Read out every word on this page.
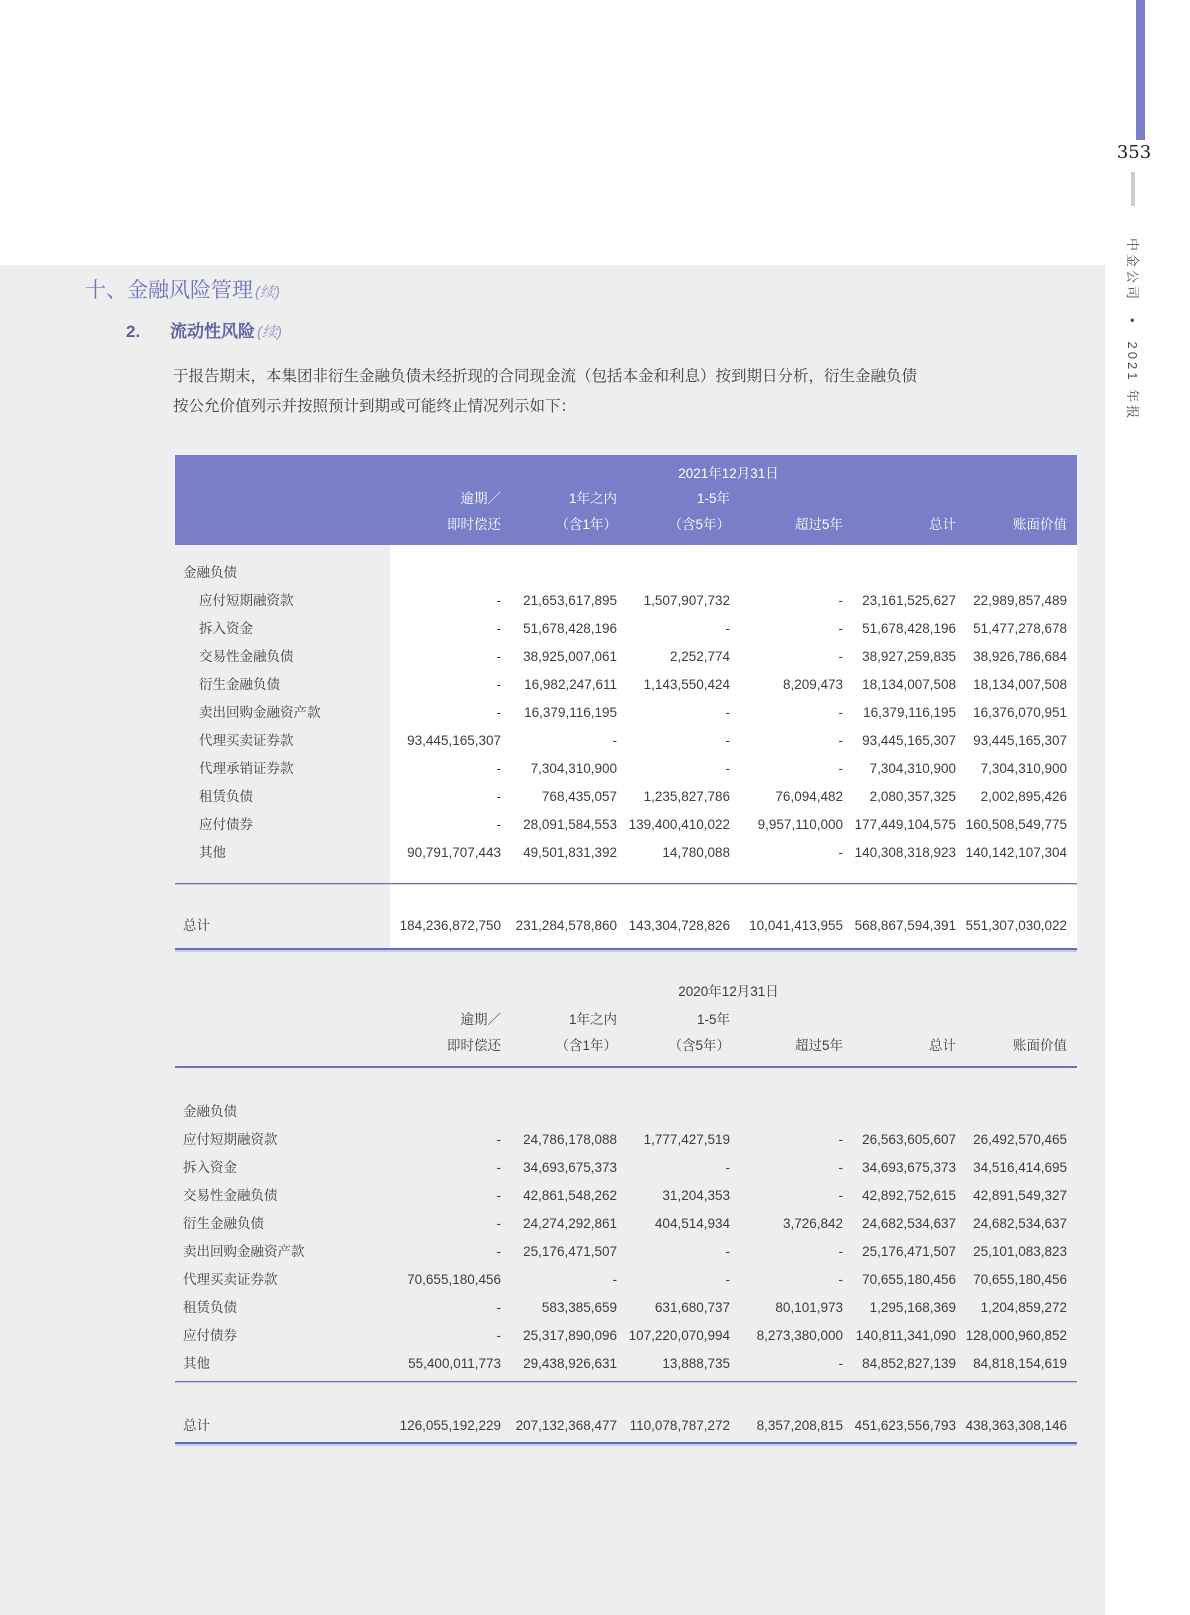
353
中金公司　•　2021 年报
十、金融风险管理 (续)
2. 流动性风险 (续)
于报告期末，本集团非衍生金融负债未经折现的合同现金流（包括本金和利息）按到期日分析，衍生金融负债
按公允价值列示并按照预计到期或可能终止情况列示如下：
2021年12月31日
逾期／	1年之内	1-5年
即时偿还	（含1年）	（含5年）	超过5年	总计	账面价值
金融负债
应付短期融资款	-	21,653,617,895	1,507,907,732	-	23,161,525,627	22,989,857,489
拆入资金	-	51,678,428,196	-	-	51,678,428,196	51,477,278,678
交易性金融负债	-	38,925,007,061	2,252,774	-	38,927,259,835	38,926,786,684
衍生金融负债	-	16,982,247,611	1,143,550,424	8,209,473	18,134,007,508	18,134,007,508
卖出回购金融资产款	-	16,379,116,195	-	-	16,379,116,195	16,376,070,951
代理买卖证券款	93,445,165,307	-	-	-	93,445,165,307	93,445,165,307
代理承销证券款	-	7,304,310,900	-	-	7,304,310,900	7,304,310,900
租赁负债	-	768,435,057	1,235,827,786	76,094,482	2,080,357,325	2,002,895,426
应付债券	-	28,091,584,553 139,400,410,022	9,957,110,000 177,449,104,575 160,508,549,775
其他	90,791,707,443	49,501,831,392	14,780,088	- 140,308,318,923 140,142,107,304
总计	184,236,872,750	231,284,578,860 143,304,728,826	10,041,413,955 568,867,594,391 551,307,030,022
2020年12月31日
逾期／	1年之内	1-5年
即时偿还	（含1年）	（含5年）	超过5年	总计	账面价值
金融负债
应付短期融资款	-	24,786,178,088	1,777,427,519	-	26,563,605,607	26,492,570,465
拆入资金	-	34,693,675,373	-	-	34,693,675,373	34,516,414,695
交易性金融负债	-	42,861,548,262	31,204,353	-	42,892,752,615	42,891,549,327
衍生金融负债	-	24,274,292,861	404,514,934	3,726,842	24,682,534,637	24,682,534,637
卖出回购金融资产款	-	25,176,471,507	-	-	25,176,471,507	25,101,083,823
代理买卖证券款	70,655,180,456	-	-	-	70,655,180,456	70,655,180,456
租赁负债	-	583,385,659	631,680,737	80,101,973	1,295,168,369	1,204,859,272
应付债券	-	25,317,890,096 107,220,070,994	8,273,380,000 140,811,341,090 128,000,960,852
其他	55,400,011,773	29,438,926,631	13,888,735	-	84,852,827,139	84,818,154,619
总计	126,055,192,229	207,132,368,477 110,078,787,272	8,357,208,815 451,623,556,793 438,363,308,146
